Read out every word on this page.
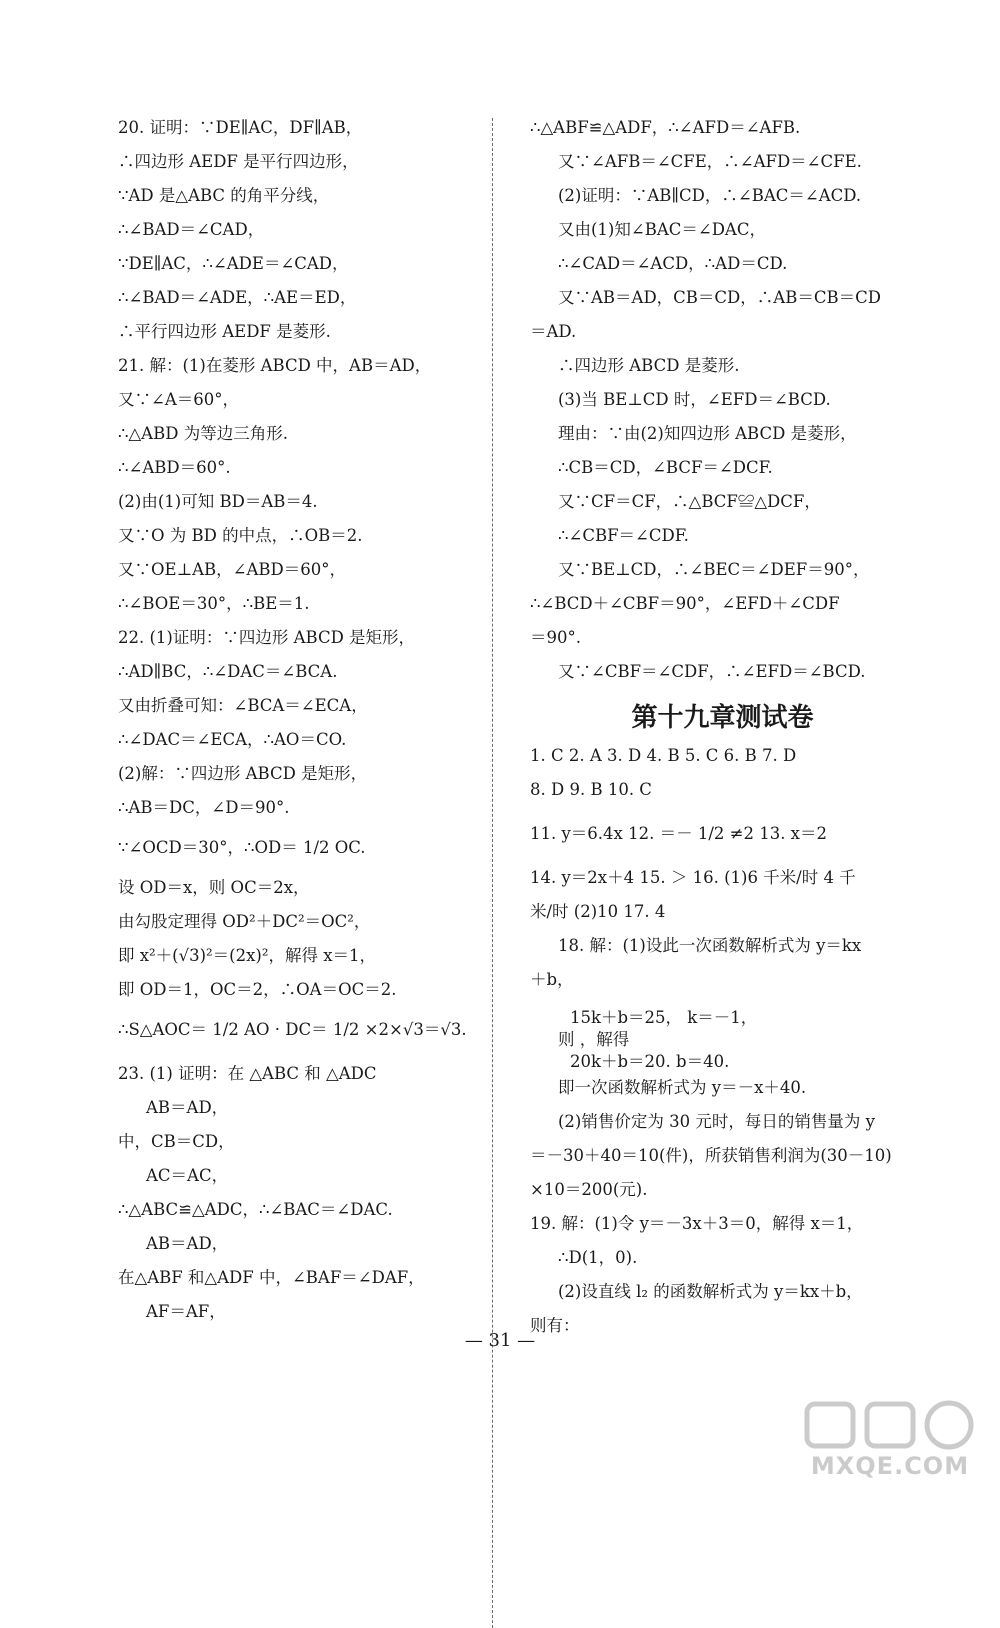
20. 证明：∵DE∥AC，DF∥AB，
∴四边形 AEDF 是平行四边形，
∵AD 是△ABC 的角平分线，
∴∠BAD＝∠CAD，
∵DE∥AC，∴∠ADE＝∠CAD，
∴∠BAD＝∠ADE，∴AE＝ED，
∴平行四边形 AEDF 是菱形.
21. 解：(1)在菱形 ABCD 中，AB＝AD，
又∵∠A＝60°，
∴△ABD 为等边三角形.
∴∠ABD＝60°.
(2)由(1)可知 BD＝AB＝4.
又∵O 为 BD 的中点，∴OB＝2.
又∵OE⊥AB，∠ABD＝60°，
∴∠BOE＝30°，∴BE＝1.
22. (1)证明：∵四边形 ABCD 是矩形，
∴AD∥BC，∴∠DAC＝∠BCA.
又由折叠可知：∠BCA＝∠ECA，
∴∠DAC＝∠ECA，∴AO＝CO.
(2)解：∵四边形 ABCD 是矩形，
∴AB＝DC，∠D＝90°.
∵∠OCD＝30°，∴OD＝ 1/2 OC.
设 OD＝x，则 OC＝2x，
由勾股定理得 OD²＋DC²＝OC²，
即 x²＋(√3)²＝(2x)²，解得 x＝1，
即 OD＝1，OC＝2，∴OA＝OC＝2.
∴S△AOC＝ 1/2 AO · DC＝ 1/2 ×2×√3＝√3.
23. (1) 证明：在 △ABC 和 △ADC
AB＝AD，
中，CB＝CD，
AC＝AC，
∴△ABC≌△ADC，∴∠BAC＝∠DAC.
AB＝AD，
在△ABF 和△ADF 中，∠BAF＝∠DAF，
AF＝AF，
∴△ABF≌△ADF，∴∠AFD＝∠AFB.
又∵∠AFB＝∠CFE，∴∠AFD＝∠CFE.
(2)证明：∵AB∥CD，∴∠BAC＝∠ACD.
又由(1)知∠BAC＝∠DAC，
∴∠CAD＝∠ACD，∴AD＝CD.
又∵AB＝AD，CB＝CD，∴AB＝CB＝CD
＝AD.
∴四边形 ABCD 是菱形.
(3)当 BE⊥CD 时，∠EFD＝∠BCD.
理由：∵由(2)知四边形 ABCD 是菱形，
∴CB＝CD，∠BCF＝∠DCF.
又∵CF＝CF，∴△BCF≌△DCF，
∴∠CBF＝∠CDF.
又∵BE⊥CD，∴∠BEC＝∠DEF＝90°，
∴∠BCD＋∠CBF＝90°，∠EFD＋∠CDF
＝90°.
又∵∠CBF＝∠CDF，∴∠EFD＝∠BCD.
第十九章测试卷
1. C 2. A 3. D 4. B 5. C 6. B 7. D
8. D 9. B 10. C
11. y＝6.4x 12. ＝－ 1/2 ≠2 13. x＝2
14. y＝2x＋4 15. ＞ 16. (1)6 千米/时 4 千
米/时 (2)10 17. 4
18. 解：(1)设此一次函数解析式为 y＝kx
＋b，
15k＋b＝25， k＝－1，
则 ，解得
20k＋b＝20. b＝40.
即一次函数解析式为 y＝－x＋40.
(2)销售价定为 30 元时，每日的销售量为 y
＝－30＋40＝10(件)，所获销售利润为(30－10)
×10＝200(元).
19. 解：(1)令 y＝－3x＋3＝0，解得 x＝1，
∴D(1，0).
(2)设直线 l₂ 的函数解析式为 y＝kx＋b，
则有：
— 31 —
MXQE.COM
